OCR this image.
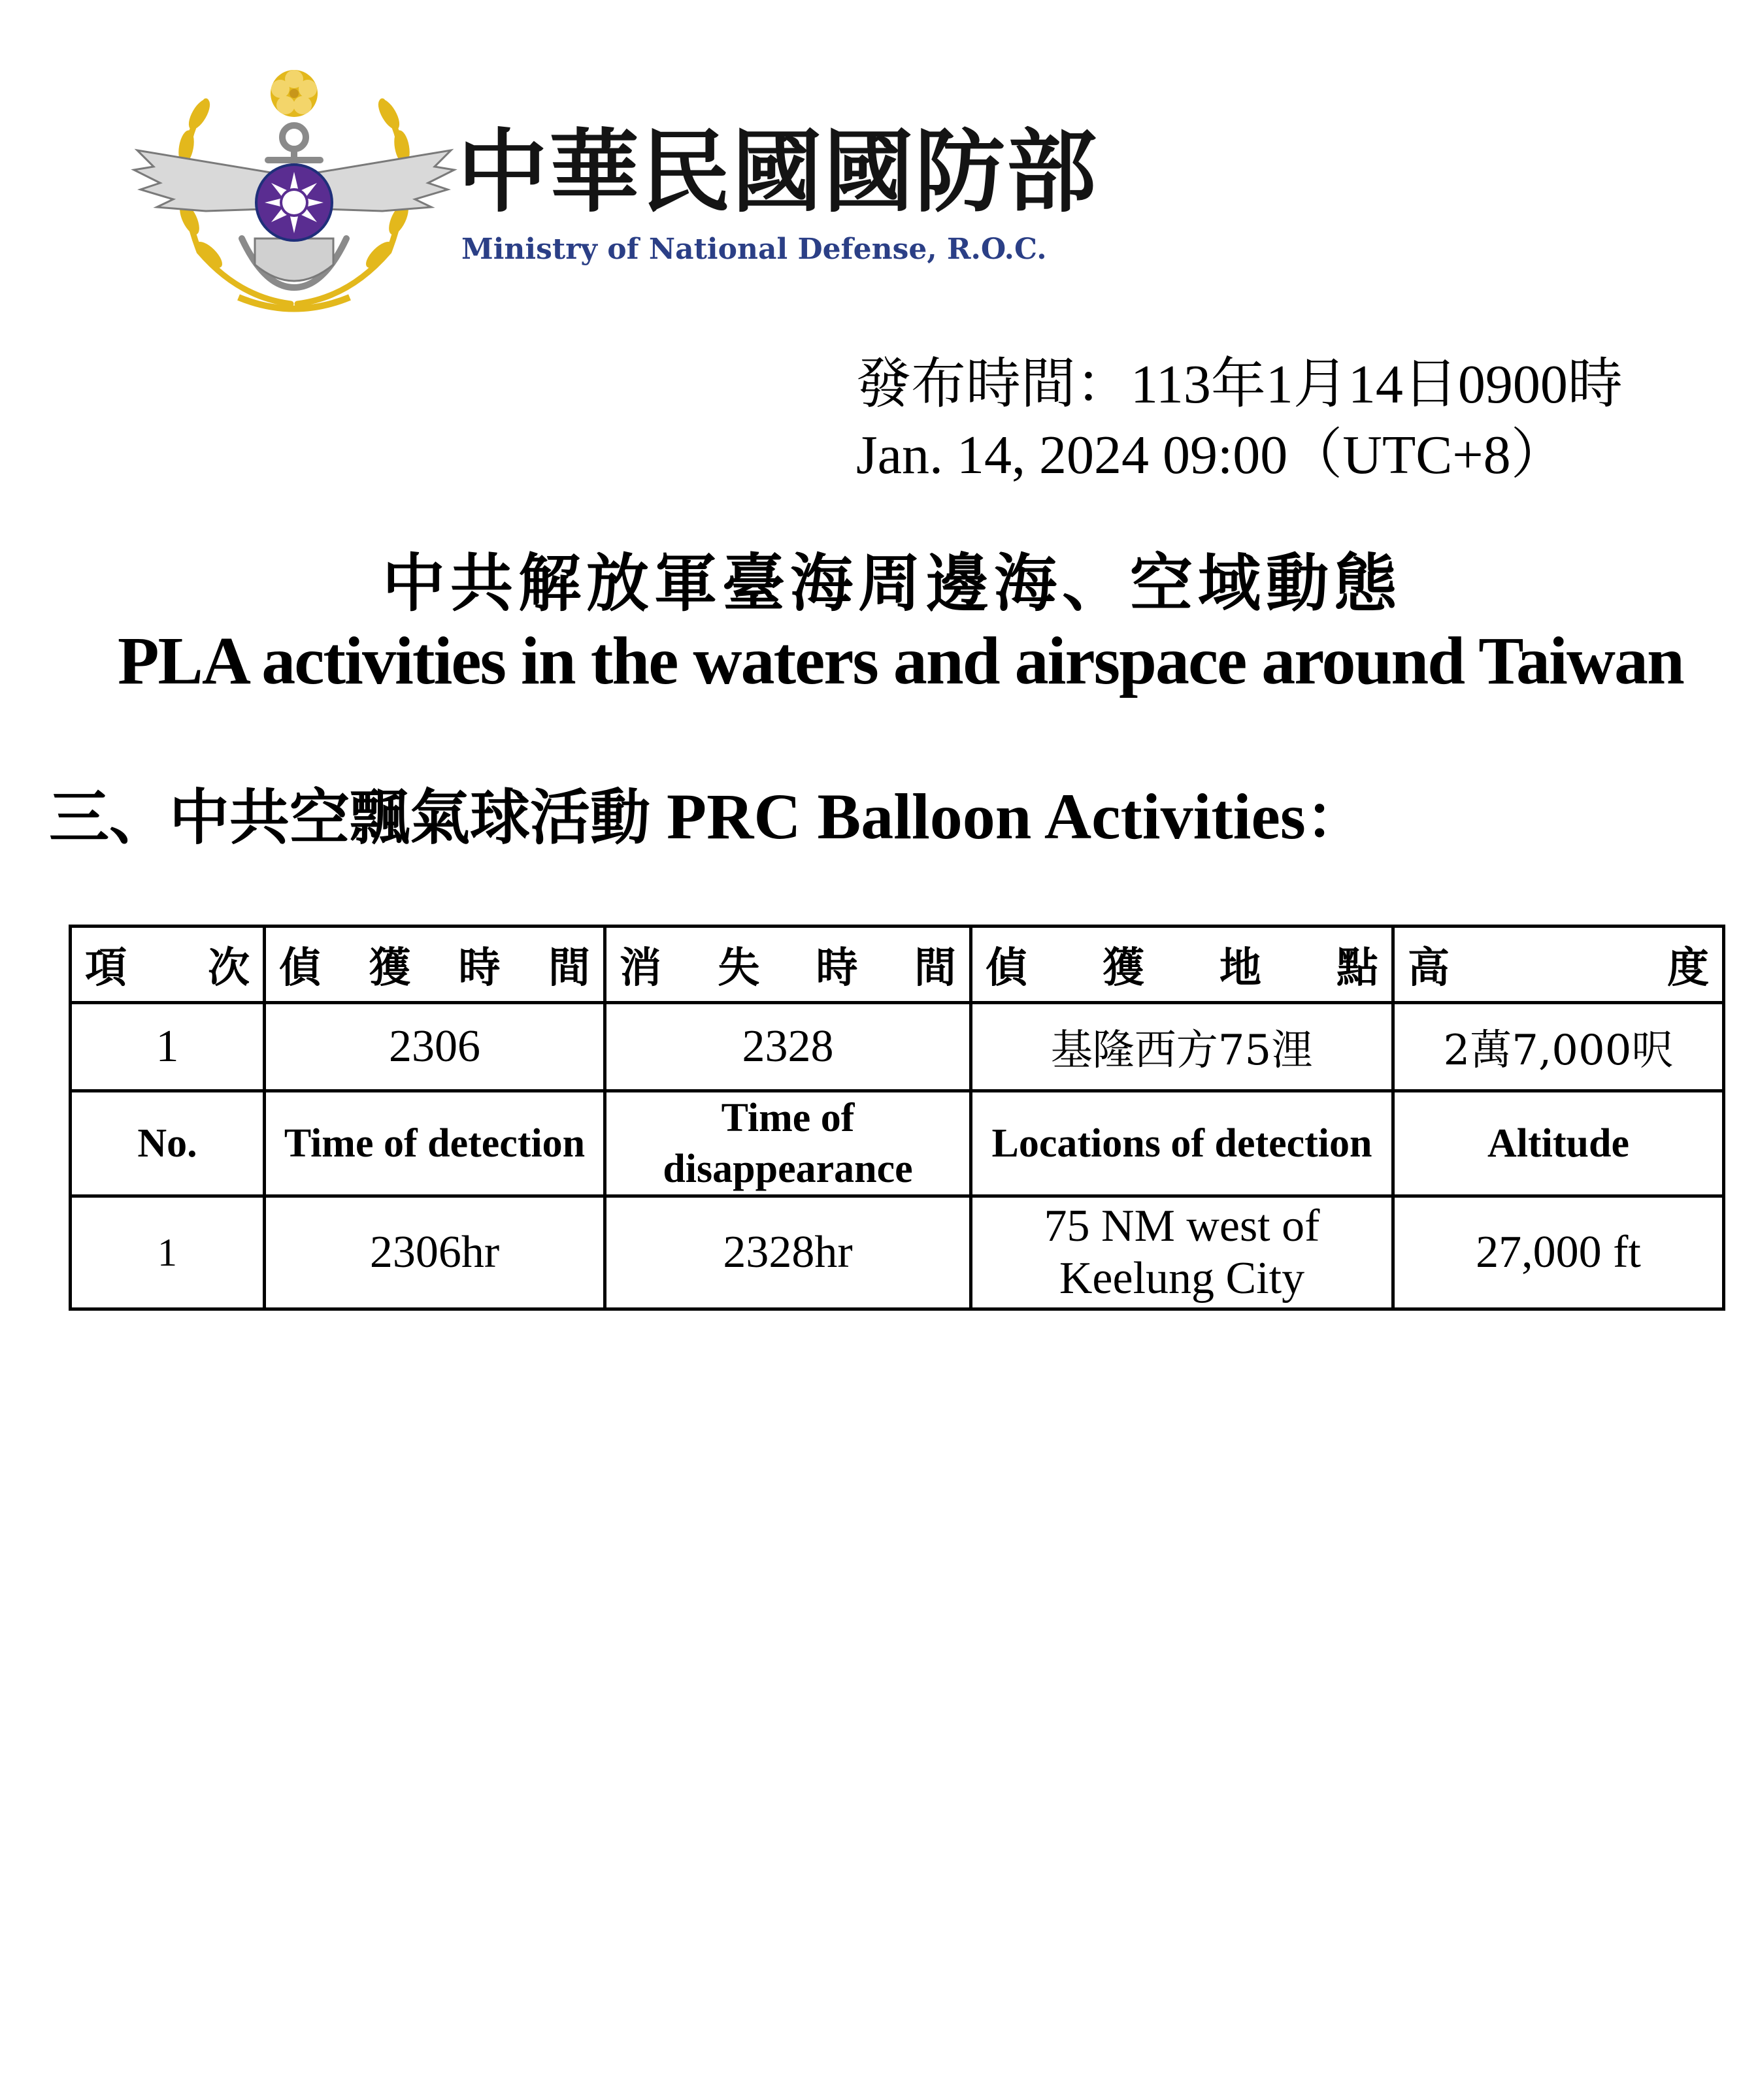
中華民國國防部
Ministry of National Defense, R.O.C.
發布時間：113年1月14日0900時
Jan. 14, 2024 09:00（UTC+8）
中共解放軍臺海周邊海、空域動態
PLA activities in the waters and airspace around Taiwan
三、中共空飄氣球活動 PRC Balloon Activities：
項 次	偵 獲 時 間	消 失 時 間	偵 獲 地 點	高 度

1	2306	2328	基隆西方75浬	2萬7,000呎
No.	Time of detection	Time of disappearance	Locations of detection	Altitude
1	2306hr	2328hr	75 NM west of Keelung City	27,000 ft
